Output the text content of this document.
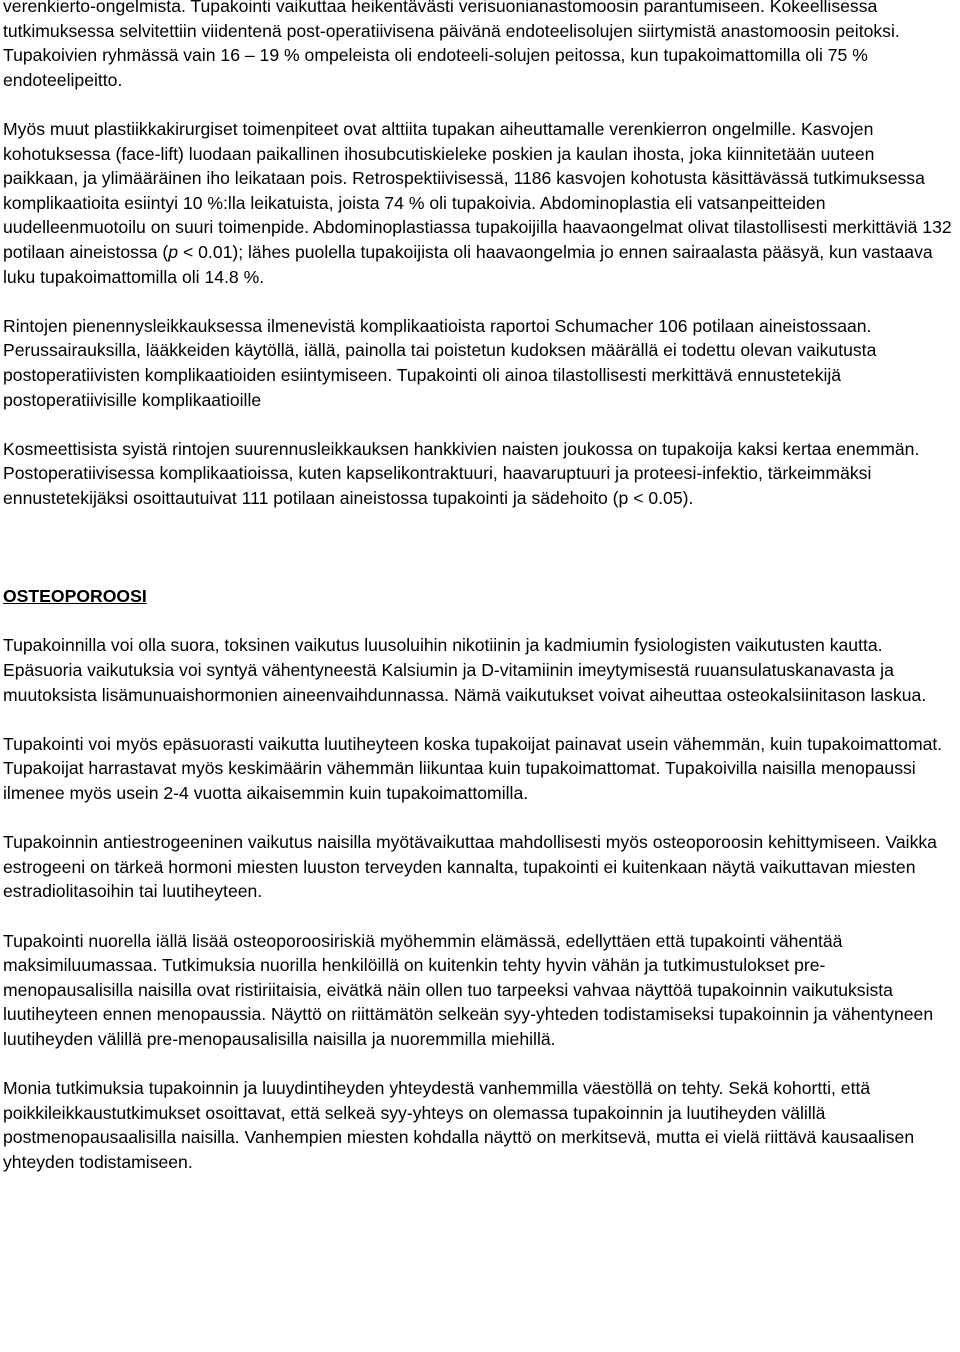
verenkierto-ongelmista. Tupakointi vaikuttaa heikentävästi verisuonianastomoosin parantumiseen. Kokeellisessa tutkimuksessa selvitettiin viidentenä post-operatiivisena päivänä endoteelisolujen siirtymistä anastomoosin peitoksi. Tupakoivien ryhmässä vain 16 – 19 % ompeleista oli endoteeli-solujen peitossa, kun tupakoimattomilla oli 75 % endoteelipeitto.

Myös muut plastiikkakirurgiset toimenpiteet ovat alttiita tupakan aiheuttamalle verenkierron ongelmille. Kasvojen kohotuksessa (face-lift) luodaan paikallinen ihosubcutiskieleke poskien ja kaulan ihosta, joka kiinnitetään uuteen paikkaan, ja ylimääräinen iho leikataan pois. Retrospektiivisessä, 1186 kasvojen kohotusta käsittävässä tutkimuksessa komplikaatioita esiintyi 10 %:lla leikatuista, joista 74 % oli tupakoivia. Abdominoplastia eli vatsanpeitteiden uudelleenmuotoilu on suuri toimenpide. Abdominoplastiassa tupakoijilla haavaongelmat olivat tilastollisesti merkittäviä 132 potilaan aineistossa (p < 0.01); lähes puolella tupakoijista oli haavaongelmia jo ennen sairaalasta pääsyä, kun vastaava luku tupakoimattomilla oli 14.8 %.

Rintojen pienennysleikkauksessa ilmenevistä komplikaatioista raportoi Schumacher 106 potilaan aineistossaan. Perussairauksilla, lääkkeiden käytöllä, iällä, painolla tai poistetun kudoksen määrällä ei todettu olevan vaikutusta postoperatiivisten komplikaatioiden esiintymiseen. Tupakointi oli ainoa tilastollisesti merkittävä ennustetekijä postoperatiivisille komplikaatioille

Kosmeettisista syistä rintojen suurennusleikkauksen hankkivien naisten joukossa on tupakoija kaksi kertaa enemmän. Postoperatiivisessa komplikaatioissa, kuten kapselikontraktuuri, haavaruptuuri ja proteesi-infektio, tärkeimmäksi ennustetekijäksi osoittautuivat 111 potilaan aineistossa tupakointi ja sädehoito (p < 0.05).

OSTEOPOROOSI

Tupakoinnilla voi olla suora, toksinen vaikutus luusoluihin nikotiinin ja kadmiumin fysiologisten vaikutusten kautta. Epäsuoria vaikutuksia voi syntyä vähentyneestä Kalsiumin ja D-vitamiinin imeytymisestä ruuansulatuskanavasta ja muutoksista lisämunuaishormonien aineenvaihdunnassa. Nämä vaikutukset voivat aiheuttaa osteokalsiinitason laskua.

Tupakointi voi myös epäsuorasti vaikutta luutiheyteen koska tupakoijat painavat usein vähemmän, kuin tupakoimattomat. Tupakoijat harrastavat myös keskimäärin vähemmän liikuntaa kuin tupakoimattomat. Tupakoivilla naisilla menopaussi ilmenee myös usein 2-4 vuotta aikaisemmin kuin tupakoimattomilla.

Tupakoinnin antiestrogeeninen vaikutus naisilla myötävaikuttaa mahdollisesti myös osteoporoosin kehittymiseen. Vaikka estrogeeni on tärkeä hormoni miesten luuston terveyden kannalta, tupakointi ei kuitenkaan näytä vaikuttavan miesten estradiolitasoihin tai luutiheyteen.

Tupakointi nuorella iällä lisää osteoporoosiriskiä myöhemmin elämässä, edellyttäen että tupakointi vähentää maksimiluumassaa. Tutkimuksia nuorilla henkilöillä on kuitenkin tehty hyvin vähän ja tutkimustulokset pre-menopausalisilla naisilla ovat ristiriitaisia, eivätkä näin ollen tuo tarpeeksi vahvaa näyttöä tupakoinnin vaikutuksista luutiheyteen ennen menopaussia. Näyttö on riittämätön selkeän syy-yhteden todistamiseksi tupakoinnin ja vähentyneen luutiheyden välillä pre-menopausalisilla naisilla ja nuoremmilla miehillä.

Monia tutkimuksia tupakoinnin ja luuydintiheyden yhteydestä vanhemmilla väestöllä on tehty. Sekä kohortti, että poikkileikkaustutkimukset osoittavat, että selkeä syy-yhteys on olemassa tupakoinnin ja luutiheyden välillä postmenopausaalisilla naisilla. Vanhempien miesten kohdalla näyttö on merkitsevä, mutta ei vielä riittävä kausaalisen yhteyden todistamiseen.
